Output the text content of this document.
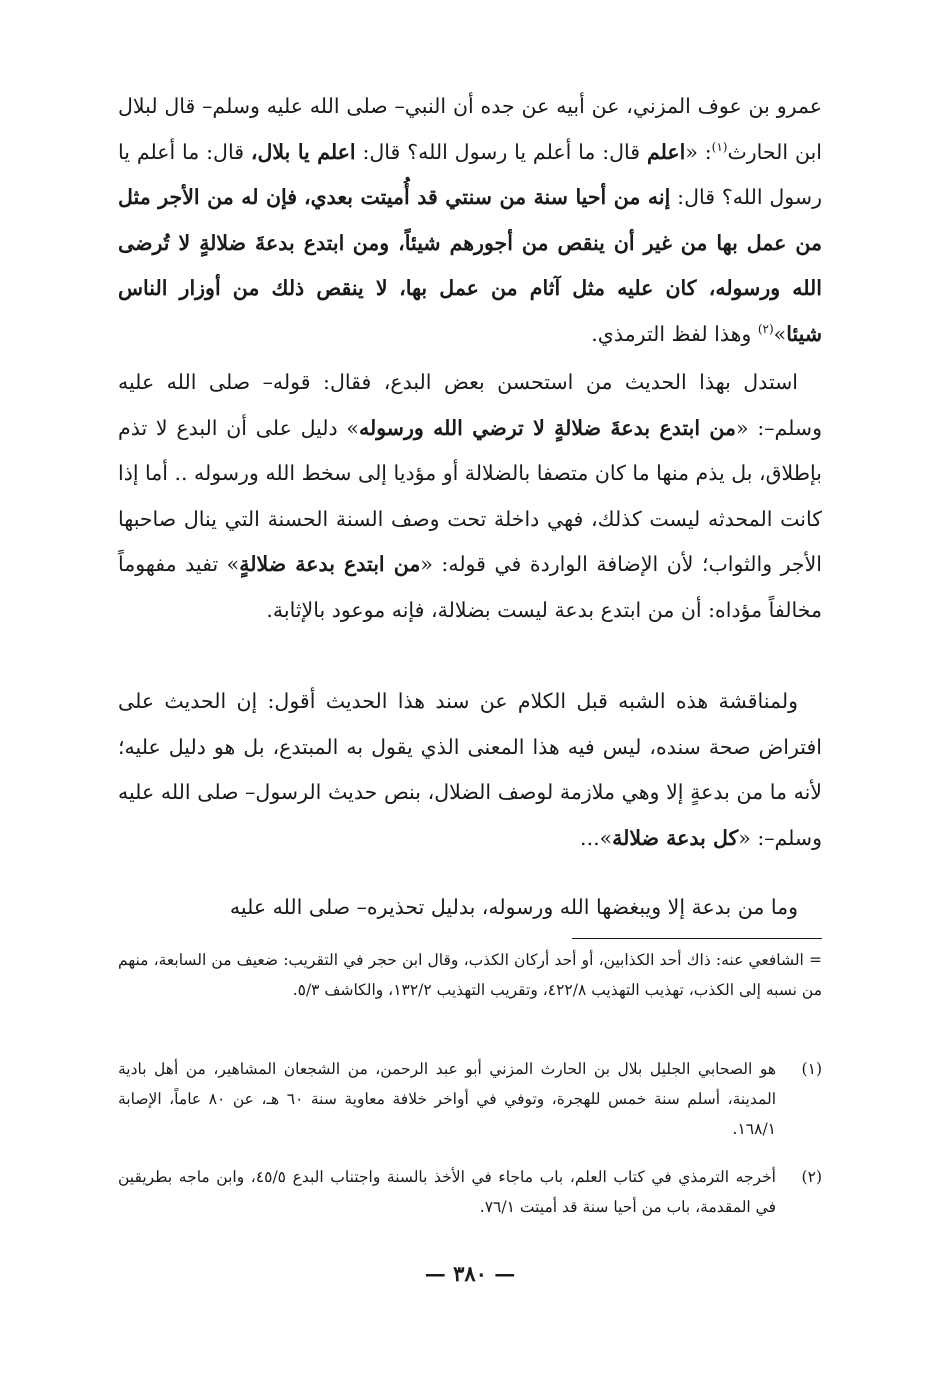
عمرو بن عوف المزني، عن أبيه عن جده أن النبي– صلى الله عليه وسلم– قال لبلال ابن الحارث$^{(١)}$: «اعلم قال: ما أعلم يا رسول الله؟ قال: اعلم يا بلال، قال: ما أعلم يا رسول الله؟ قال: إنه من أحيا سنة من سنتي قد أُميتت بعدي، فإن له من الأجر مثل من عمل بها من غير أن ينقص من أجورهم شيئاً، ومن ابتدع بدعةَ ضلالةٍ لا تُرضى الله ورسوله، كان عليه مثل آثام من عمل بها، لا ينقص ذلك من أوزار الناس شيئا»$^{(٢)}$ وهذا لفظ الترمذي.

استدل بهذا الحديث من استحسن بعض البدع، فقال: قوله– صلى الله عليه وسلم–: «من ابتدع بدعةَ ضلالةٍ لا ترضي الله ورسوله» دليل على أن البدع لا تذم بإطلاق، بل يذم منها ما كان متصفا بالضلالة أو مؤديا إلى سخط الله ورسوله .. أما إذا كانت المحدثه ليست كذلك، فهي داخلة تحت وصف السنة الحسنة التي ينال صاحبها الأجر والثواب؛ لأن الإضافة الواردة في قوله: «من ابتدع بدعة ضلالةٍ» تفيد مفهوماً مخالفاً مؤداه: أن من ابتدع بدعة ليست بضلالة، فإنه موعود بالإثابة.

ولمناقشة هذه الشبه قبل الكلام عن سند هذا الحديث أقول: إن الحديث على افتراض صحة سنده، ليس فيه هذا المعنى الذي يقول به المبتدع، بل هو دليل عليه؛ لأنه ما من بدعةٍ إلا وهي ملازمة لوصف الضلال، بنص حديث الرسول– صلى الله عليه وسلم–: «كل بدعة ضلالة»...

وما من بدعة إلا ويبغضها الله ورسوله، بدليل تحذيره– صلى الله عليه

= الشافعي عنه: ذاك أحد الكذابين، أو أحد أركان الكذب، وقال ابن حجر في التقريب: ضعيف من السابعة، منهم من نسبه إلى الكذب، تهذيب التهذيب ٤٢٢/٨، وتقريب التهذيب ١٣٢/٢، والكاشف ٥/٣.

(١)
هو الصحابي الجليل بلال بن الحارث المزني أبو عبد الرحمن، من الشجعان المشاهير، من أهل بادية المدينة، أسلم سنة خمس للهجرة، وتوفي في أواخر خلافة معاوية سنة ٦٠ هـ، عن ٨٠ عاماً، الإصابة ١٦٨/١.
(٢)
أخرجه الترمذي في كتاب العلم، باب ماجاء في الأخذ بالسنة واجتناب البدع ٤٥/٥، وابن ماجه بطريقين في المقدمة، باب من أحيا سنة قد أميتت ٧٦/١.
— ٣٨٠ —
